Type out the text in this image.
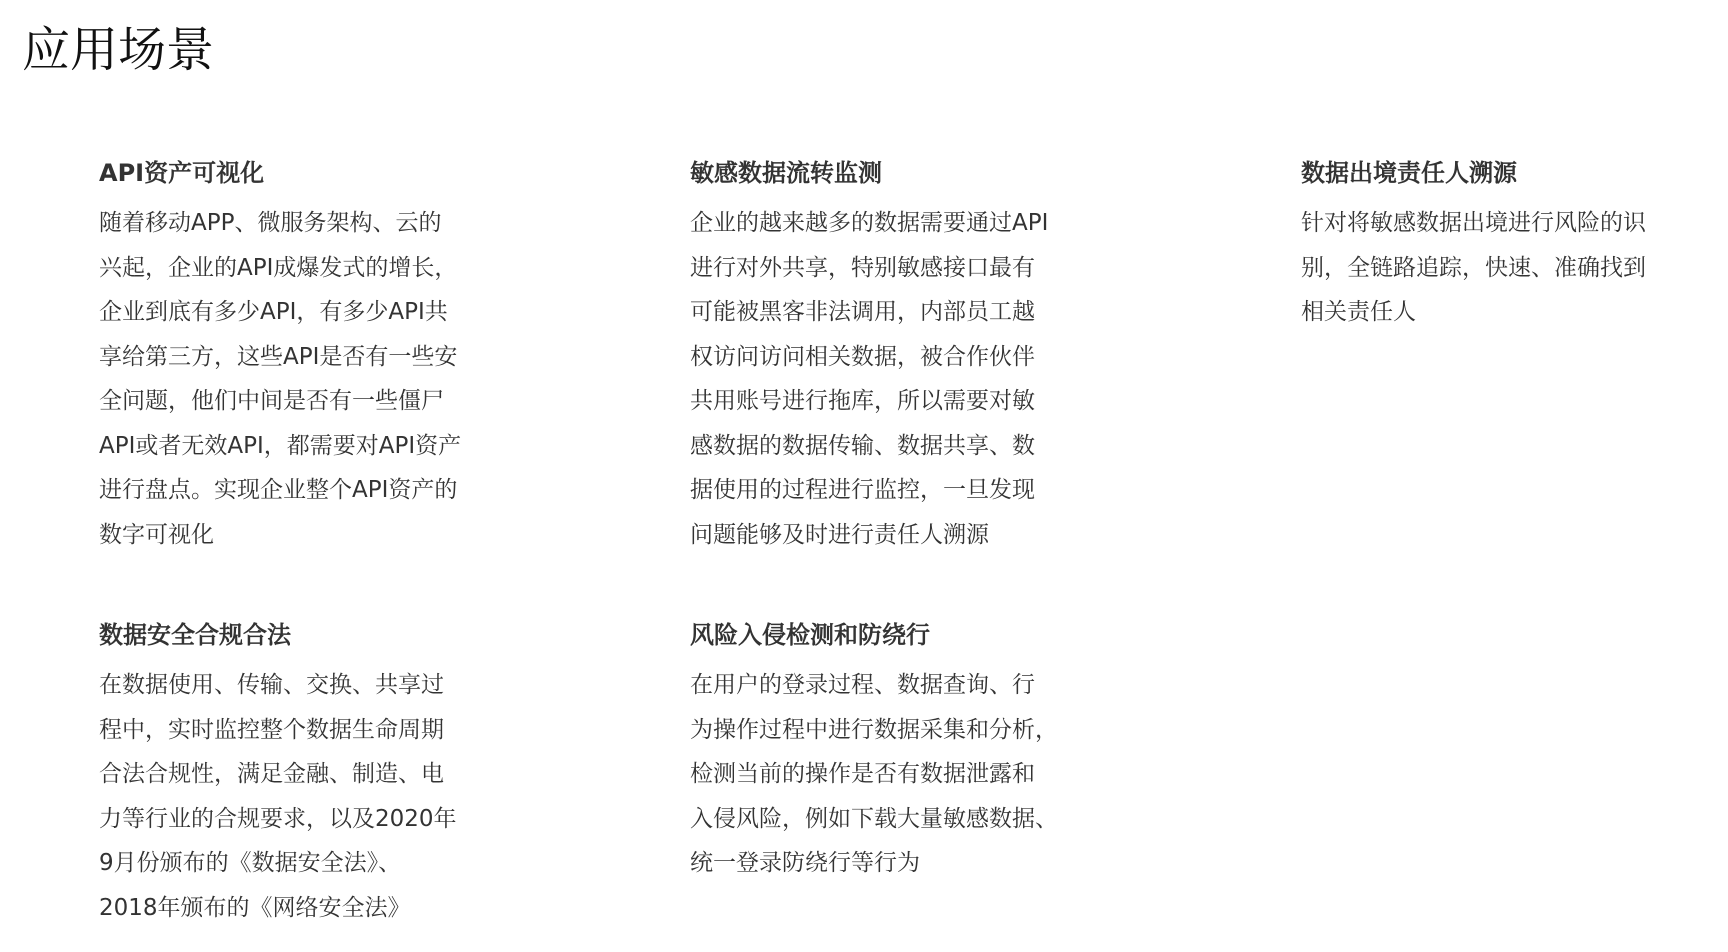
应用场景
API资产可视化
随着移动APP、微服务架构、云的
兴起，企业的API成爆发式的增长，
企业到底有多少API，有多少API共
享给第三方，这些API是否有一些安
全问题，他们中间是否有一些僵尸
API或者无效API，都需要对API资产
进行盘点。实现企业整个API资产的
数字可视化
敏感数据流转监测
企业的越来越多的数据需要通过API
进行对外共享，特别敏感接口最有
可能被黑客非法调用，内部员工越
权访问访问相关数据，被合作伙伴
共用账号进行拖库，所以需要对敏
感数据的数据传输、数据共享、数
据使用的过程进行监控，一旦发现
问题能够及时进行责任人溯源
数据出境责任人溯源
针对将敏感数据出境进行风险的识
别，全链路追踪，快速、准确找到
相关责任人
数据安全合规合法
在数据使用、传输、交换、共享过
程中，实时监控整个数据生命周期
合法合规性，满足金融、制造、电
力等行业的合规要求，以及2020年
9月份颁布的《数据安全法》、
2018年颁布的《网络安全法》
风险入侵检测和防绕行
在用户的登录过程、数据查询、行
为操作过程中进行数据采集和分析，
检测当前的操作是否有数据泄露和
入侵风险，例如下载大量敏感数据、
统一登录防绕行等行为
